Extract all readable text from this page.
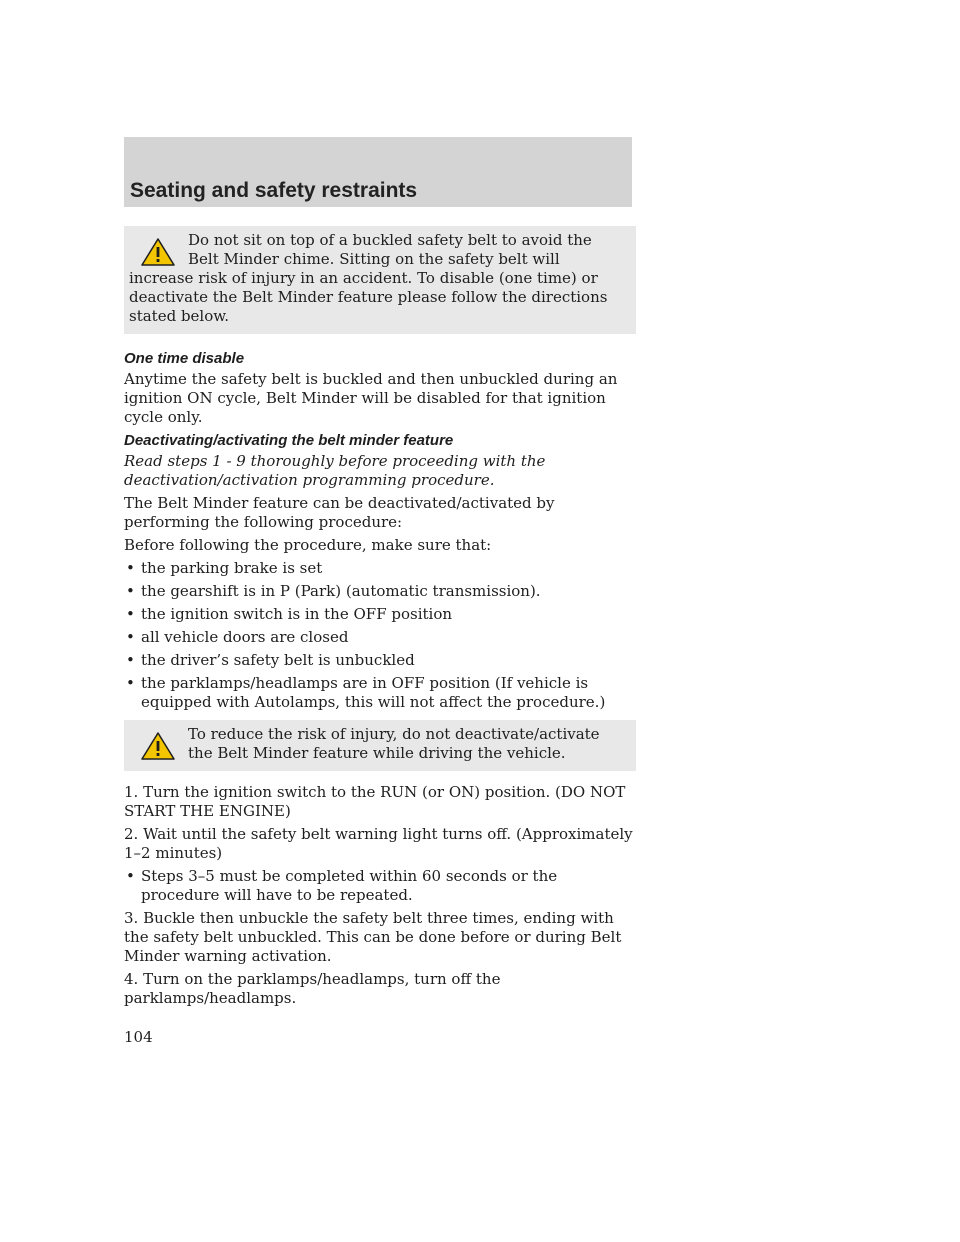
Seating and safety restraints

Do not sit on top of a buckled safety belt to avoid the Belt Minder chime. Sitting on the safety belt will increase risk of injury in an accident. To disable (one time) or deactivate the Belt Minder feature please follow the directions stated below.

One time disable

Anytime the safety belt is buckled and then unbuckled during an ignition ON cycle, Belt Minder will be disabled for that ignition cycle only.

Deactivating/activating the belt minder feature

Read steps 1 - 9 thoroughly before proceeding with the deactivation/activation programming procedure.

The Belt Minder feature can be deactivated/activated by performing the following procedure:

Before following the procedure, make sure that:

• the parking brake is set
• the gearshift is in P (Park) (automatic transmission).
• the ignition switch is in the OFF position
• all vehicle doors are closed
• the driver’s safety belt is unbuckled
• the parklamps/headlamps are in OFF position (If vehicle is equipped with Autolamps, this will not affect the procedure.)

To reduce the risk of injury, do not deactivate/activate the Belt Minder feature while driving the vehicle.

1. Turn the ignition switch to the RUN (or ON) position. (DO NOT START THE ENGINE)

2. Wait until the safety belt warning light turns off. (Approximately 1–2 minutes)

• Steps 3–5 must be completed within 60 seconds or the procedure will have to be repeated.

3. Buckle then unbuckle the safety belt three times, ending with the safety belt unbuckled. This can be done before or during Belt Minder warning activation.

4. Turn on the parklamps/headlamps, turn off the parklamps/headlamps.

104
